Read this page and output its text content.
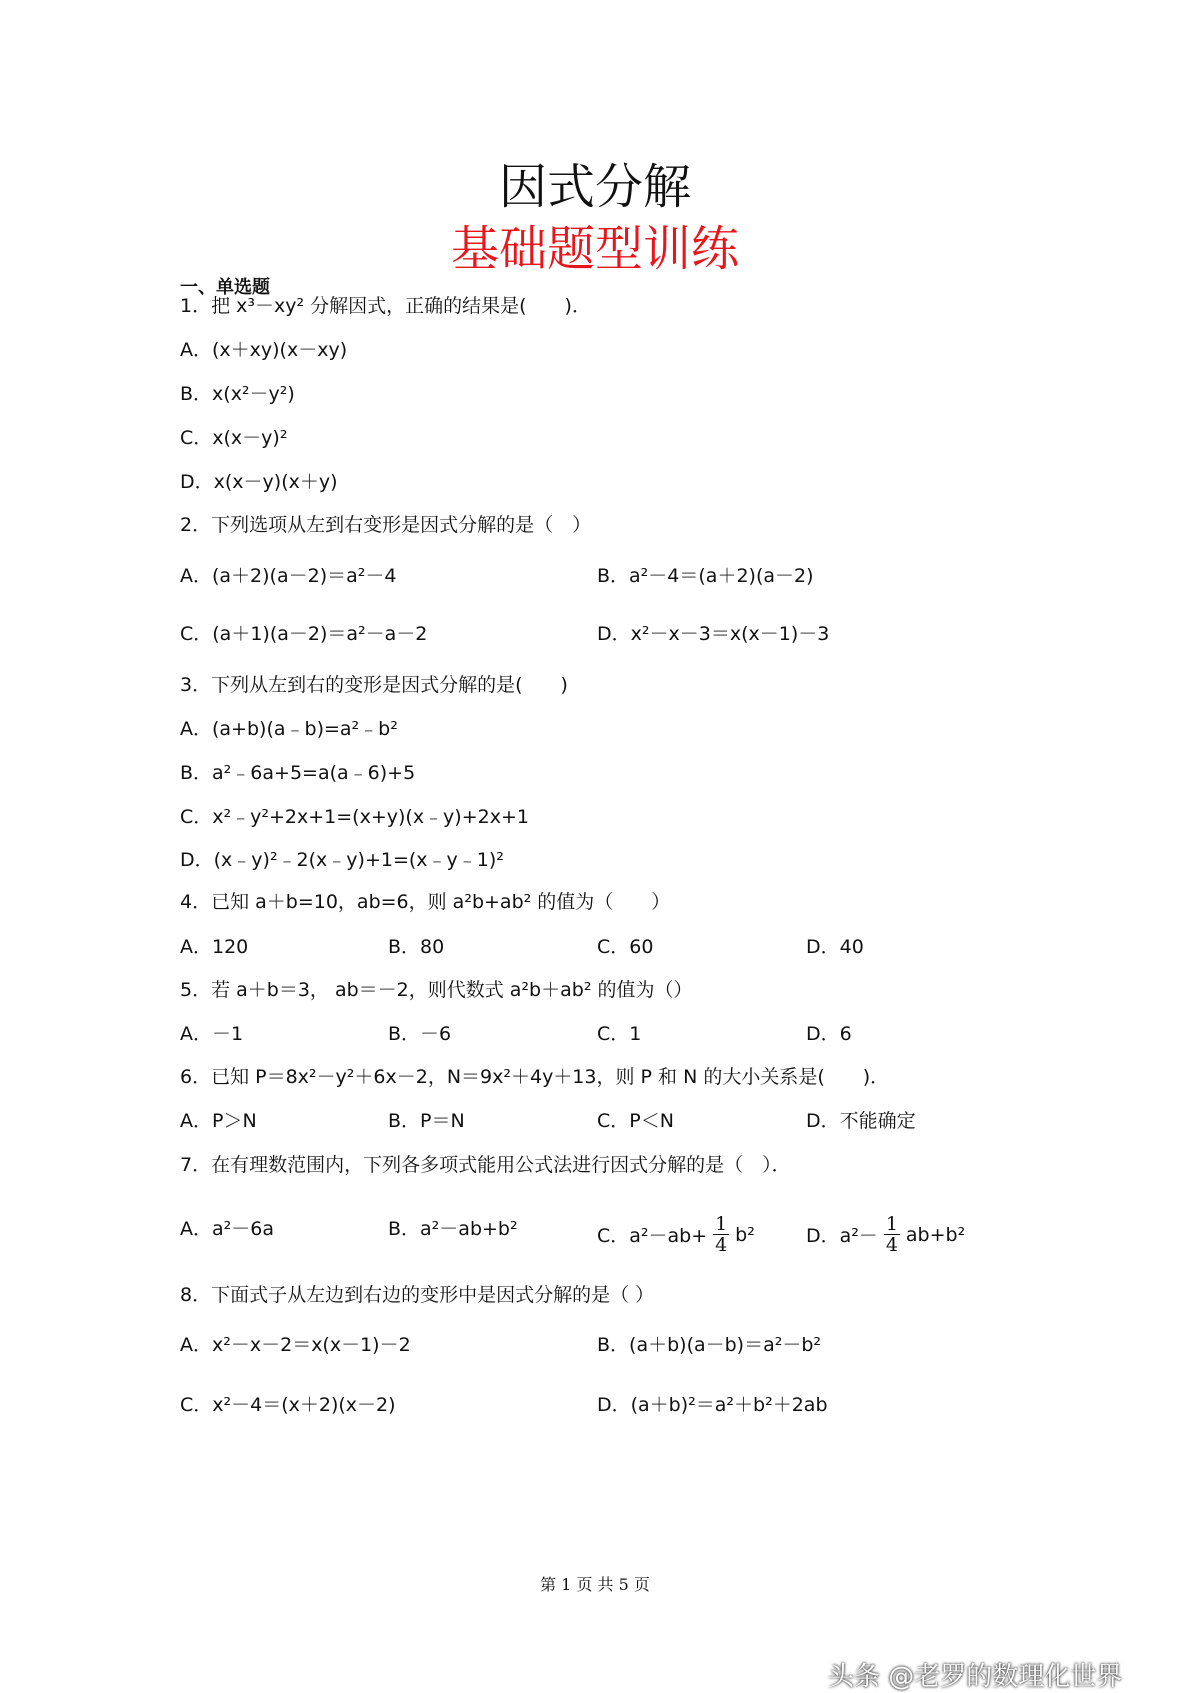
因式分解
基础题型训练
一、单选题
1．把 x³－xy² 分解因式，正确的结果是(　　)．
A．(x＋xy)(x－xy)
B．x(x²－y²)
C．x(x－y)²
D．x(x－y)(x＋y)
2．下列选项从左到右变形是因式分解的是（　）
A．(a＋2)(a－2)＝a²－4	B．a²－4＝(a＋2)(a－2)
C．(a＋1)(a－2)＝a²－a－2	D．x²－x－3＝x(x－1)－3
3．下列从左到右的变形是因式分解的是(　　)
A．(a+b)(a﹣b)=a²﹣b²
B．a²﹣6a+5=a(a﹣6)+5
C．x²﹣y²+2x+1=(x+y)(x﹣y)+2x+1
D．(x﹣y)²﹣2(x﹣y)+1=(x﹣y﹣1)²
4．已知 a＋b=10，ab=6，则 a²b+ab² 的值为（　　）
A．120	B．80	C．60	D．40
5．若 a＋b＝3， ab＝－2，则代数式 a²b＋ab² 的值为（）
A．－1	B．－6	C．1	D．6
6．已知 P＝8x²－y²＋6x－2，N＝9x²＋4y＋13，则 P 和 N 的大小关系是(　　)．
A．P＞N	B．P＝N	C．P＜N	D．不能确定
7．在有理数范围内，下列各多项式能用公式法进行因式分解的是（　）．
A．a²－6a	B．a²－ab+b²	C．$a^2-ab+ \frac{1}{4} b^2$	D．$a^2- \frac{1}{4} ab+b^2$
8．下面式子从左边到右边的变形中是因式分解的是（ ）
A．x²－x－2＝x(x－1)－2	B．(a＋b)(a－b)＝a²－b²
C．x²－4＝(x＋2)(x－2)	D．(a＋b)²＝a²＋b²＋2ab
第 1 页 共 5 页
头条 @老罗的数理化世界
